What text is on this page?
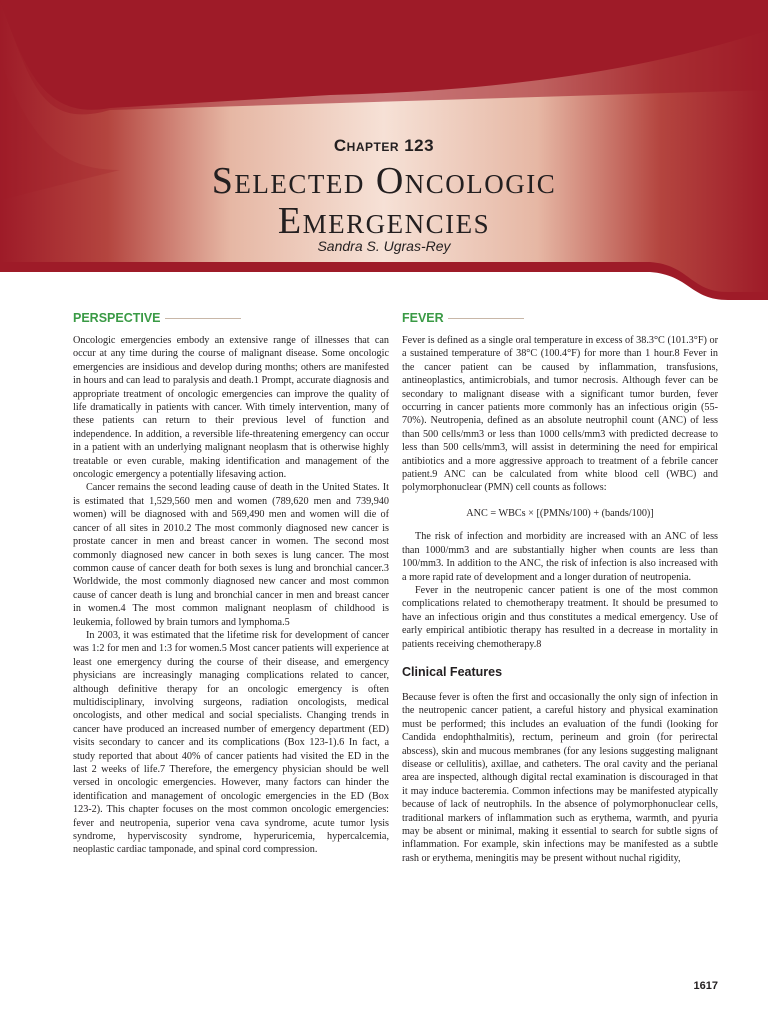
Chapter 123
Selected Oncologic
Emergencies
Sandra S. Ugras-Rey
PERSPECTIVE

Oncologic emergencies embody an extensive range of illnesses that can occur at any time during the course of malignant disease. Some oncologic emergencies are insidious and develop during months; others are manifested in hours and can lead to paralysis and death.1 Prompt, accurate diagnosis and appropriate treatment of oncologic emergencies can improve the quality of life dramatically in patients with cancer. With timely intervention, many of these patients can return to their previous level of function and independence. In addition, a reversible life-threatening emergency can occur in a patient with an underlying malignant neoplasm that is otherwise highly treatable or even curable, making identification and management of the oncologic emergency a potentially lifesaving action.

Cancer remains the second leading cause of death in the United States. It is estimated that 1,529,560 men and women (789,620 men and 739,940 women) will be diagnosed with and 569,490 men and women will die of cancer of all sites in 2010.2 The most commonly diagnosed new cancer is prostate cancer in men and breast cancer in women. The second most commonly diagnosed new cancer in both sexes is lung cancer. The most common cause of cancer death for both sexes is lung and bronchial cancer.3 Worldwide, the most commonly diagnosed new cancer and most common cause of cancer death is lung and bronchial cancer in men and breast cancer in women.4 The most common malignant neoplasm of childhood is leukemia, followed by brain tumors and lymphoma.5

In 2003, it was estimated that the lifetime risk for development of cancer was 1:2 for men and 1:3 for women.5 Most cancer patients will experience at least one emergency during the course of their disease, and emergency physicians are increasingly managing complications related to cancer, although definitive therapy for an oncologic emergency is often multidisciplinary, involving surgeons, radiation oncologists, medical oncologists, and other medical and social specialists. Changing trends in cancer have produced an increased number of emergency department (ED) visits secondary to cancer and its complications (Box 123-1).6 In fact, a study reported that about 40% of cancer patients had visited the ED in the last 2 weeks of life.7 Therefore, the emergency physician should be well versed in oncologic emergencies. However, many factors can hinder the identification and management of oncologic emergencies in the ED (Box 123-2). This chapter focuses on the most common oncologic emergencies: fever and neutropenia, superior vena cava syndrome, acute tumor lysis syndrome, hyperviscosity syndrome, hyperuricemia, hypercalcemia, neoplastic cardiac tamponade, and spinal cord compression.

FEVER

Fever is defined as a single oral temperature in excess of 38.3°C (101.3°F) or a sustained temperature of 38°C (100.4°F) for more than 1 hour.8 Fever in the cancer patient can be caused by inflammation, transfusions, antineoplastics, antimicrobials, and tumor necrosis. Although fever can be secondary to malignant disease with a significant tumor burden, fever occurring in cancer patients more commonly has an infectious origin (55-70%). Neutropenia, defined as an absolute neutrophil count (ANC) of less than 500 cells/mm3 or less than 1000 cells/mm3 with predicted decrease to less than 500 cells/mm3, will assist in determining the need for empirical antibiotics and a more aggressive approach to treatment of a febrile cancer patient.9 ANC can be calculated from white blood cell (WBC) and polymorphonuclear (PMN) cell counts as follows:

ANC = WBCs × [(PMNs/100) + (bands/100)]

The risk of infection and morbidity are increased with an ANC of less than 1000/mm3 and are substantially higher when counts are less than 100/mm3. In addition to the ANC, the risk of infection is also increased with a more rapid rate of development and a longer duration of neutropenia.

Fever in the neutropenic cancer patient is one of the most common complications related to chemotherapy treatment. It should be presumed to have an infectious origin and thus constitutes a medical emergency. Use of early empirical antibiotic therapy has resulted in a decrease in mortality in patients receiving chemotherapy.8

Clinical Features

Because fever is often the first and occasionally the only sign of infection in the neutropenic cancer patient, a careful history and physical examination must be performed; this includes an evaluation of the fundi (looking for Candida endophthalmitis), rectum, perineum and groin (for perirectal abscess), skin and mucous membranes (for any lesions suggesting malignant disease or cellulitis), axillae, and catheters. The oral cavity and the perianal area are inspected, although digital rectal examination is discouraged in that it may induce bacteremia. Common infections may be manifested atypically because of lack of neutrophils. In the absence of polymorphonuclear cells, traditional markers of inflammation such as erythema, warmth, and pyuria may be absent or minimal, making it essential to search for subtle signs of inflammation. For example, skin infections may be manifested as a subtle rash or erythema, meningitis may be present without nuchal rigidity,

1617
